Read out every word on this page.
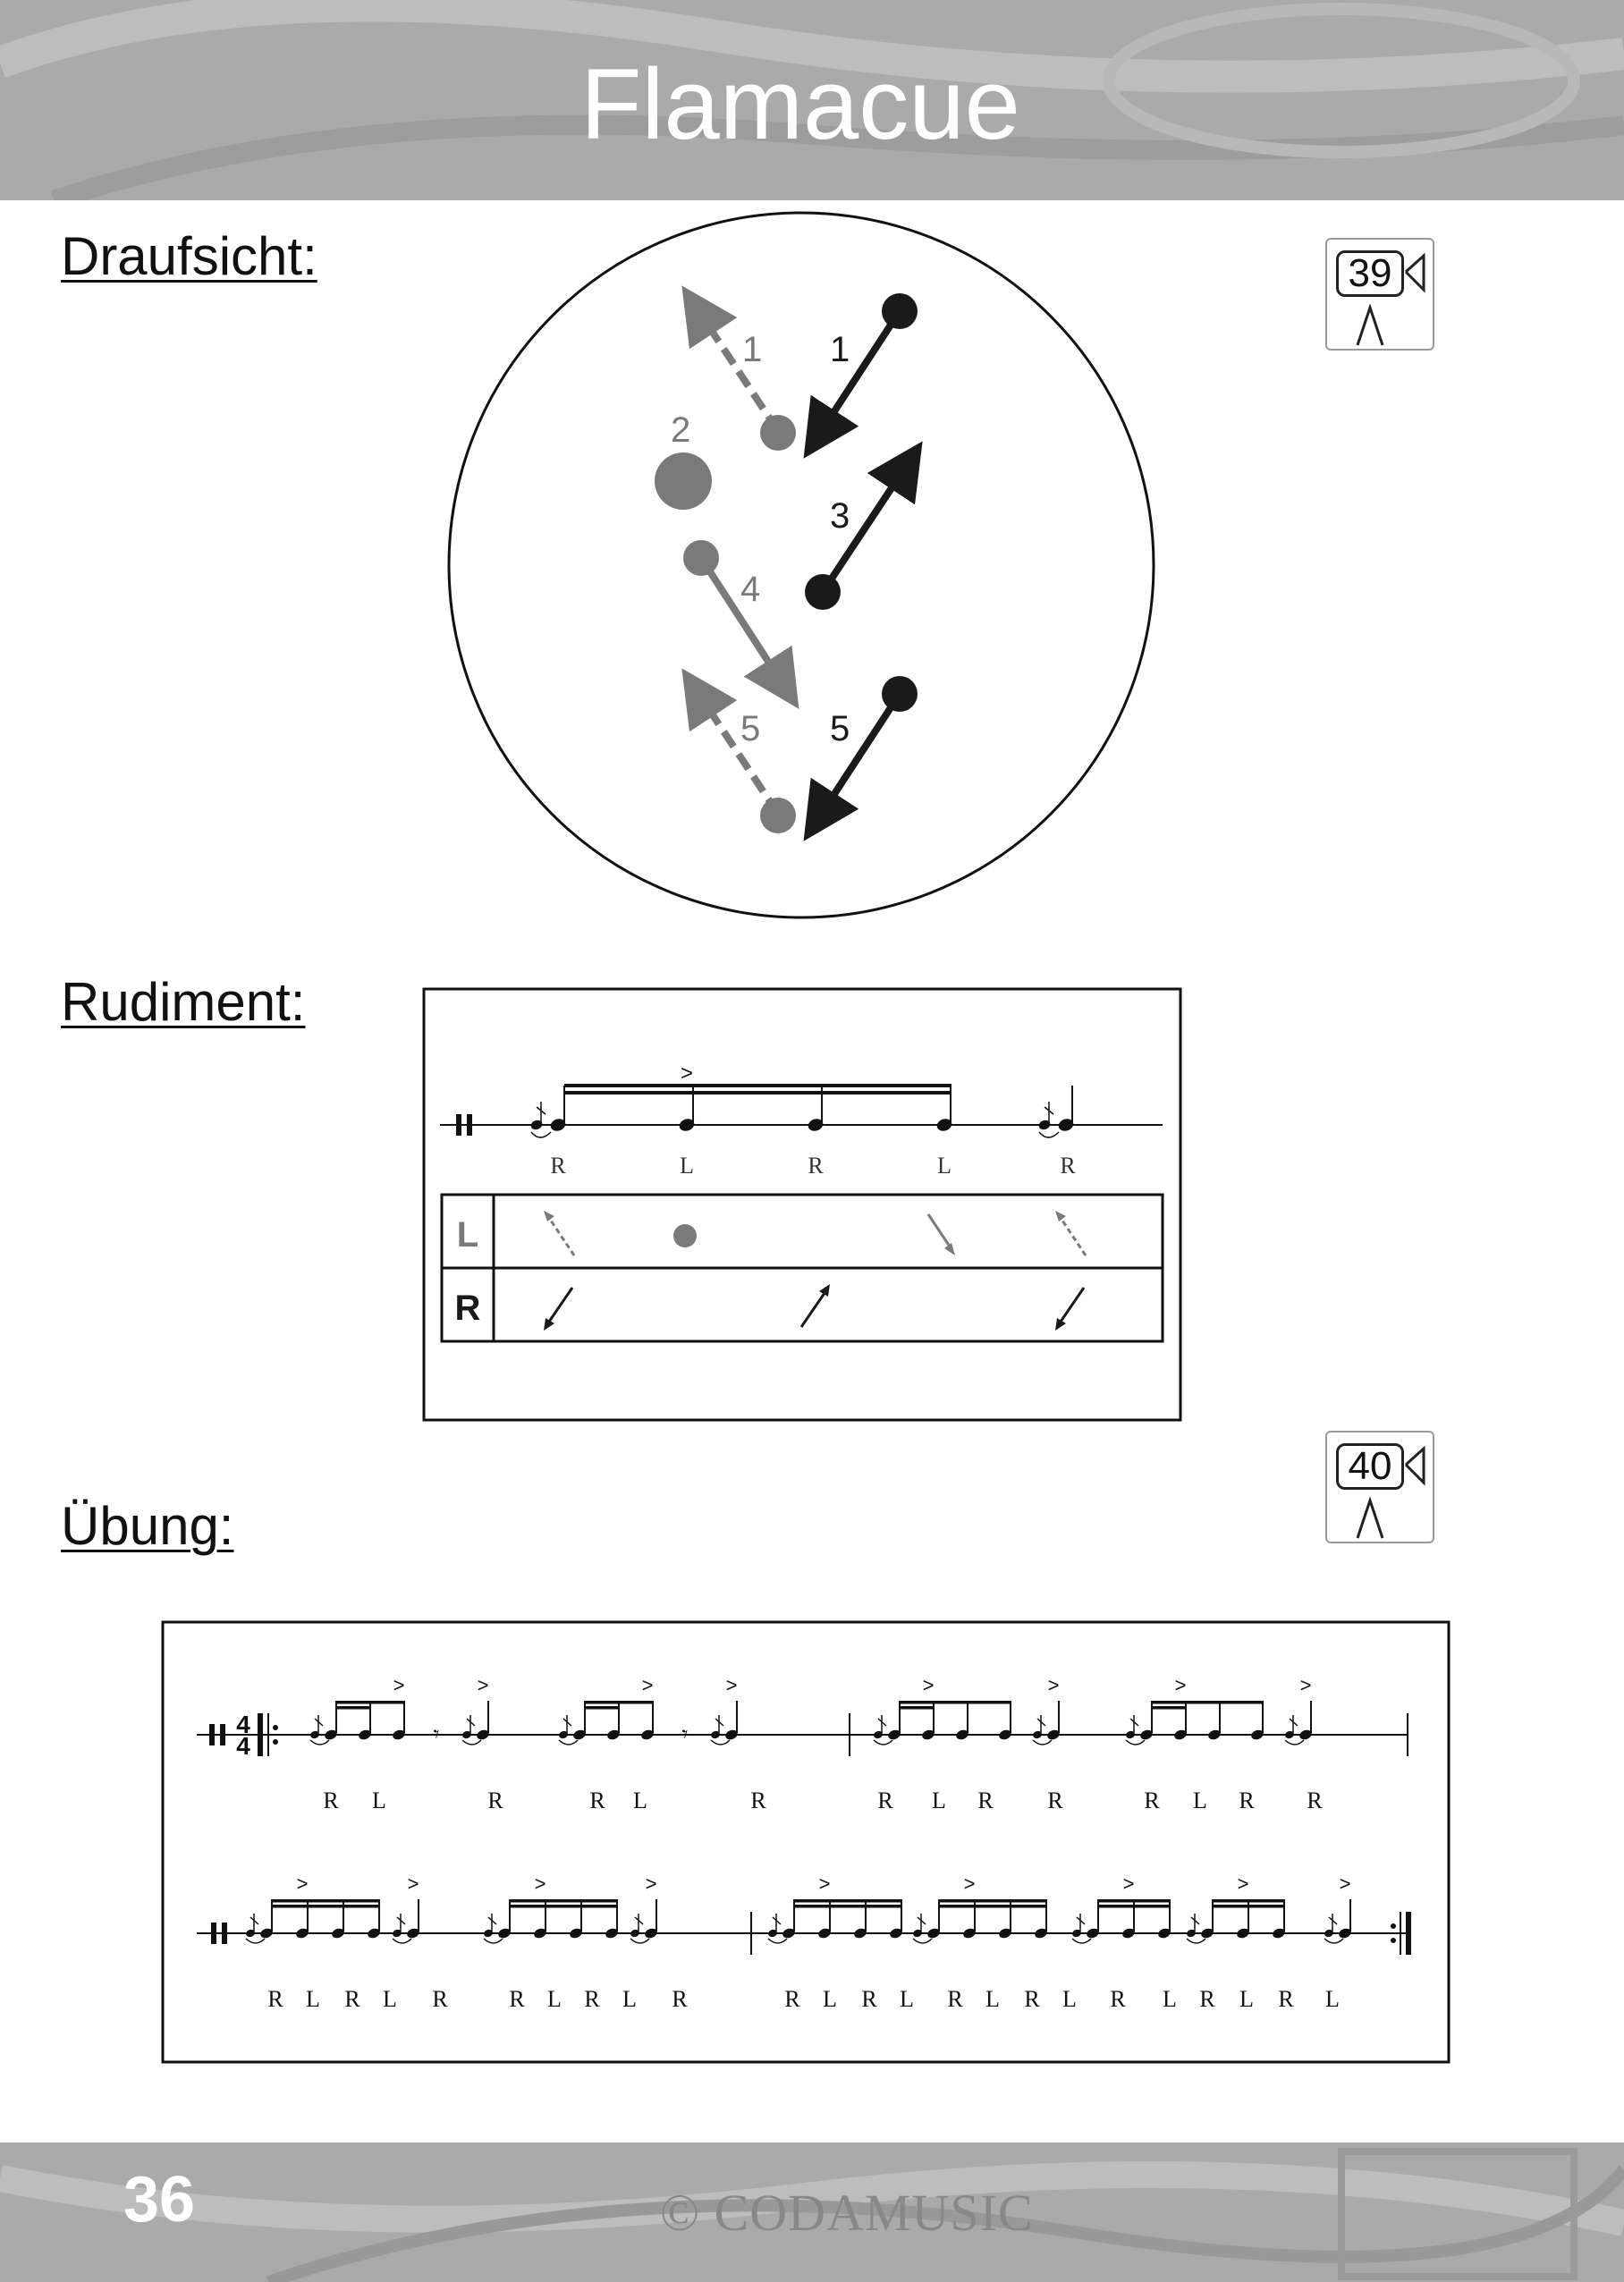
Flamacue
Draufsicht:
Rudiment:
Übung:
39
40
1
2
4
5
1
3
5
>
R	L	R	L	R
L
R
4
4
>
𝄾
>	>
𝄾
>	>	>	>	>
>	>	>	>	>	>	>	>	>
R L	R	R L	R	R L R R	R L R R
R L R L R	R L R L R	R L R L R L R L R L R L R L
36	© CODAMUSIC
